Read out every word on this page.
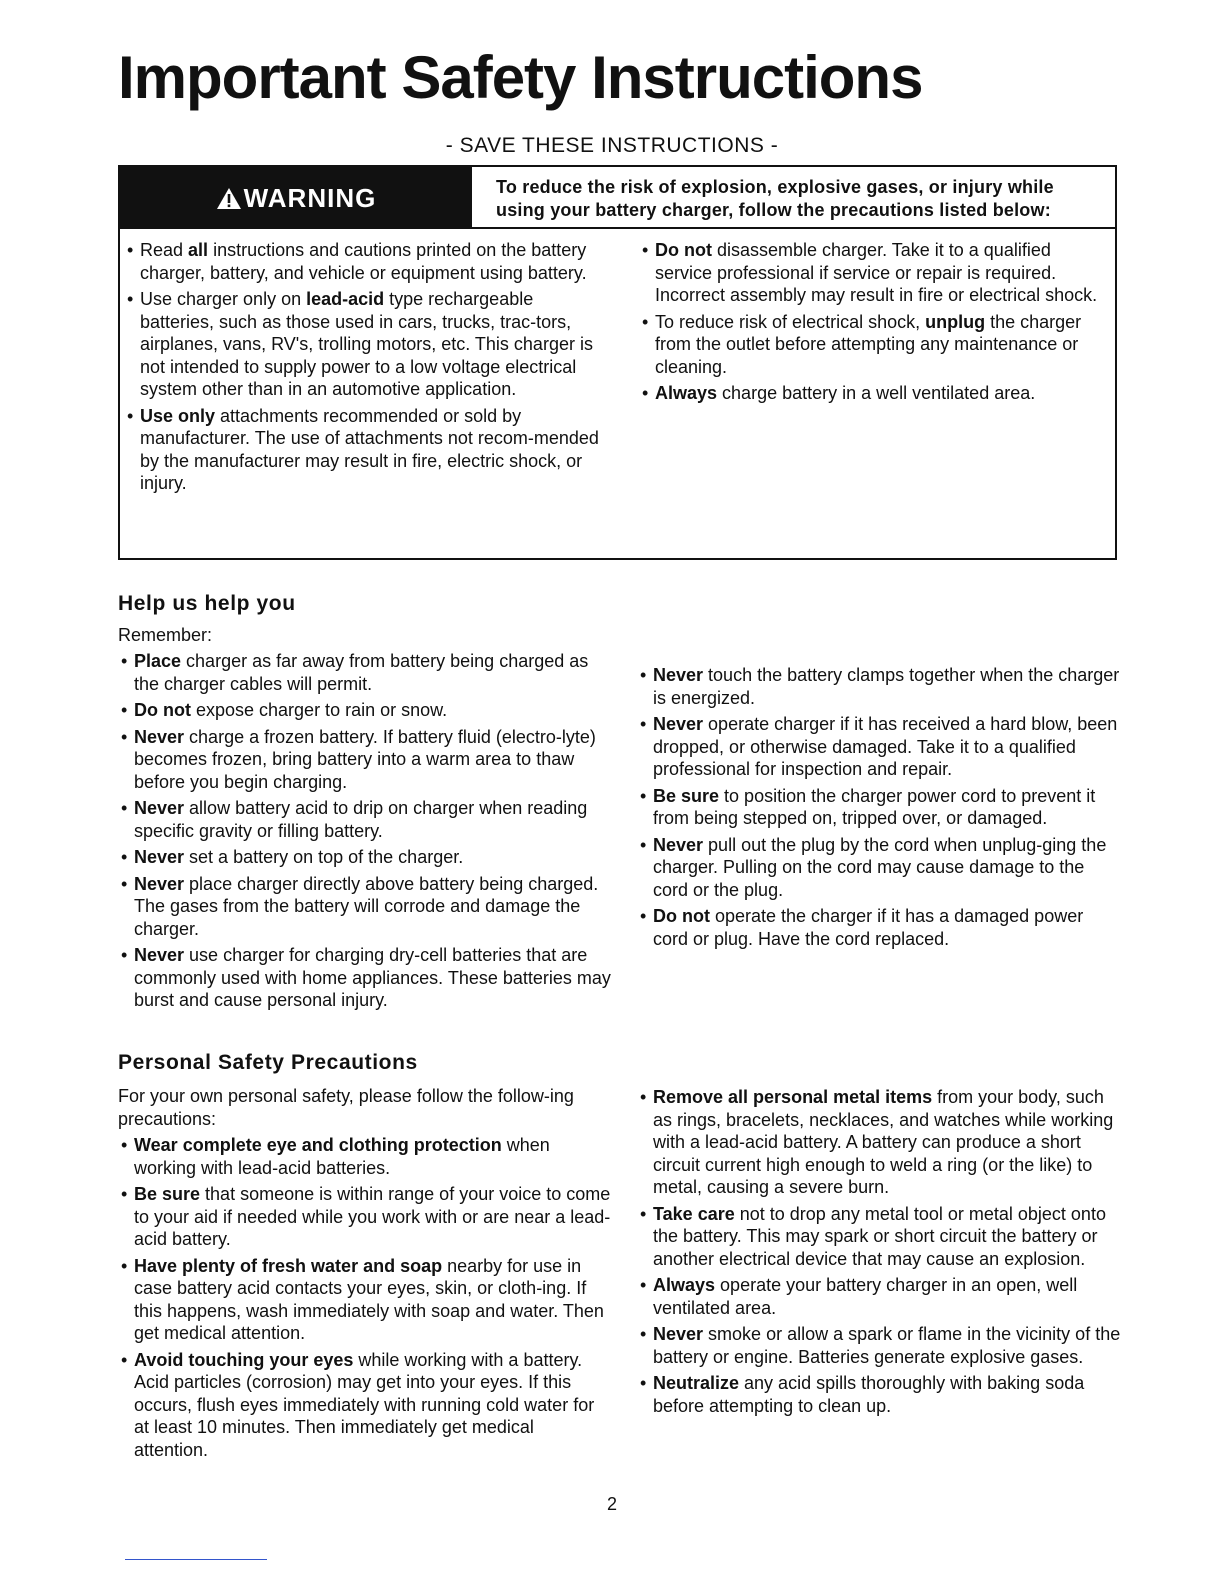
Important Safety Instructions
- SAVE THESE INSTRUCTIONS -
WARNING	To reduce the risk of explosion, explosive gases, or injury while using your battery charger, follow the precautions listed below:
• Read all instructions and cautions printed on the battery charger, battery, and vehicle or equipment using battery.
• Use charger only on lead-acid type rechargeable batteries, such as those used in cars, trucks, trac-tors, airplanes, vans, RV's, trolling motors, etc. This charger is not intended to supply power to a low voltage electrical system other than in an automotive application.
• Use only attachments recommended or sold by manufacturer. The use of attachments not recom-mended by the manufacturer may result in fire, electric shock, or injury.
• Do not disassemble charger. Take it to a qualified service professional if service or repair is required. Incorrect assembly may result in fire or electrical shock.
• To reduce risk of electrical shock, unplug the charger from the outlet before attempting any maintenance or cleaning.
• Always charge battery in a well ventilated area.
Help us help you
Remember:
• Place charger as far away from battery being charged as the charger cables will permit.
• Do not expose charger to rain or snow.
• Never charge a frozen battery. If battery fluid (electro-lyte) becomes frozen, bring battery into a warm area to thaw before you begin charging.
• Never allow battery acid to drip on charger when reading specific gravity or filling battery.
• Never set a battery on top of the charger.
• Never place charger directly above battery being charged. The gases from the battery will corrode and damage the charger.
• Never use charger for charging dry-cell batteries that are commonly used with home appliances. These batteries may burst and cause personal injury.
• Never touch the battery clamps together when the charger is energized.
• Never operate charger if it has received a hard blow, been dropped, or otherwise damaged. Take it to a qualified professional for inspection and repair.
• Be sure to position the charger power cord to prevent it from being stepped on, tripped over, or damaged.
• Never pull out the plug by the cord when unplug-ging the charger. Pulling on the cord may cause damage to the cord or the plug.
• Do not operate the charger if it has a damaged power cord or plug. Have the cord replaced.
Personal Safety Precautions
For your own personal safety, please follow the follow-ing precautions:
• Wear complete eye and clothing protection when working with lead-acid batteries.
• Be sure that someone is within range of your voice to come to your aid if needed while you work with or are near a lead-acid battery.
• Have plenty of fresh water and soap nearby for use in case battery acid contacts your eyes, skin, or cloth-ing. If this happens, wash immediately with soap and water. Then get medical attention.
• Avoid touching your eyes while working with a battery. Acid particles (corrosion) may get into your eyes. If this occurs, flush eyes immediately with running cold water for at least 10 minutes. Then immediately get medical attention.
• Remove all personal metal items from your body, such as rings, bracelets, necklaces, and watches while working with a lead-acid battery. A battery can produce a short circuit current high enough to weld a ring (or the like) to metal, causing a severe burn.
• Take care not to drop any metal tool or metal object onto the battery. This may spark or short circuit the battery or another electrical device that may cause an explosion.
• Always operate your battery charger in an open, well ventilated area.
• Never smoke or allow a spark or flame in the vicinity of the battery or engine. Batteries generate explosive gases.
• Neutralize any acid spills thoroughly with baking soda before attempting to clean up.
2
